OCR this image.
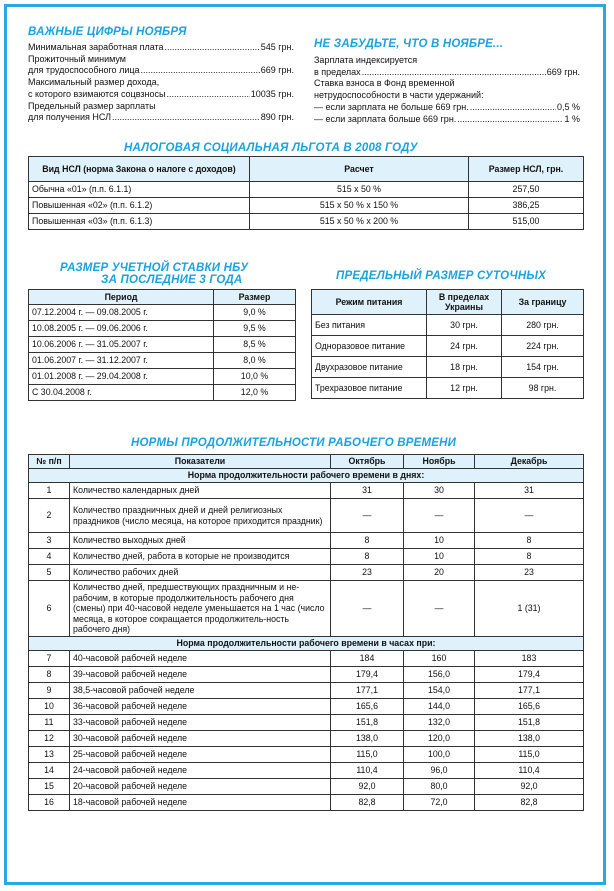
ВАЖНЫЕ ЦИФРЫ НОЯБРЯ
Минимальная заработная плата .....	545 грн.
Прожиточный минимум
для трудоспособного лица .....	669 грн.
Максимальный размер дохода,
с которого взимаются соцвзносы .....	10035 грн.
Предельный размер зарплаты
для получения НСЛ .....	890 грн.
НЕ ЗАБУДЬТЕ, ЧТО В НОЯБРЕ...
Зарплата индексируется
в пределах .....	669 грн.
Ставка взноса в Фонд временной
нетрудоспособности в части удержаний:
— если зарплата не больше 669 грн. .....	0,5 %
— если зарплата больше 669 грн. .....	1 %
НАЛОГОВАЯ СОЦИАЛЬНАЯ ЛЬГОТА В 2008 ГОДУ
Вид НСЛ (норма Закона о налоге с доходов)	Расчет	Размер НСЛ, грн.
Обычна «01» (п.п. 6.1.1)	515 х 50 %	257,50
Повышенная «02» (п.п. 6.1.2)	515 х 50 % х 150 %	386,25
Повышенная «03» (п.п. 6.1.3)	515 х 50 % х 200 %	515,00
РАЗМЕР УЧЕТНОЙ СТАВКИ НБУ
ЗА ПОСЛЕДНИЕ 3 ГОДА
Период	Размер
07.12.2004 г. — 09.08.2005 г.	9,0 %
10.08.2005 г. — 09.06.2006 г.	9,5 %
10.06.2006 г. — 31.05.2007 г.	8,5 %
01.06.2007 г. — 31.12.2007 г.	8,0 %
01.01.2008 г. — 29.04.2008 г.	10,0 %
С 30.04.2008 г.	12,0 %
ПРЕДЕЛЬНЫЙ РАЗМЕР СУТОЧНЫХ
Режим питания	В пределах Украины	За границу
Без питания	30 грн.	280 грн.
Одноразовое питание	24 грн.	224 грн.
Двухразовое питание	18 грн.	154 грн.
Трехразовое питание	12 грн.	98 грн.
НОРМЫ ПРОДОЛЖИТЕЛЬНОСТИ РАБОЧЕГО ВРЕМЕНИ
№ п/п	Показатели	Октябрь	Ноябрь	Декабрь
Норма продолжительности рабочего времени в днях:				
1	Количество календарных дней	31	30	31
2	Количество праздничных дней и дней религиозных праздников (число месяца, на которое приходится праздник)	—	—	—
3	Количество выходных дней	8	10	8
4	Количество дней, работа в которые не производится	8	10	8
5	Количество рабочих дней	23	20	23
6	Количество дней, предшествующих праздничным и не-рабочим, в которые продолжительность рабочего дня (смены) при 40-часовой неделе уменьшается на 1 час (число месяца, в которое сокращается продолжитель-ность рабочего дня)	—	—	1 (31)
Норма продолжительности рабочего времени в часах при:				
7	40-часовой рабочей неделе	184	160	183
8	39-часовой рабочей неделе	179,4	156,0	179,4
9	38,5-часовой рабочей неделе	177,1	154,0	177,1
10	36-часовой рабочей неделе	165,6	144,0	165,6
11	33-часовой рабочей неделе	151,8	132,0	151,8
12	30-часовой рабочей неделе	138,0	120,0	138,0
13	25-часовой рабочей неделе	115,0	100,0	115,0
14	24-часовой рабочей неделе	110,4	96,0	110,4
15	20-часовой рабочей неделе	92,0	80,0	92,0
16	18-часовой рабочей неделе	82,8	72,0	82,8
